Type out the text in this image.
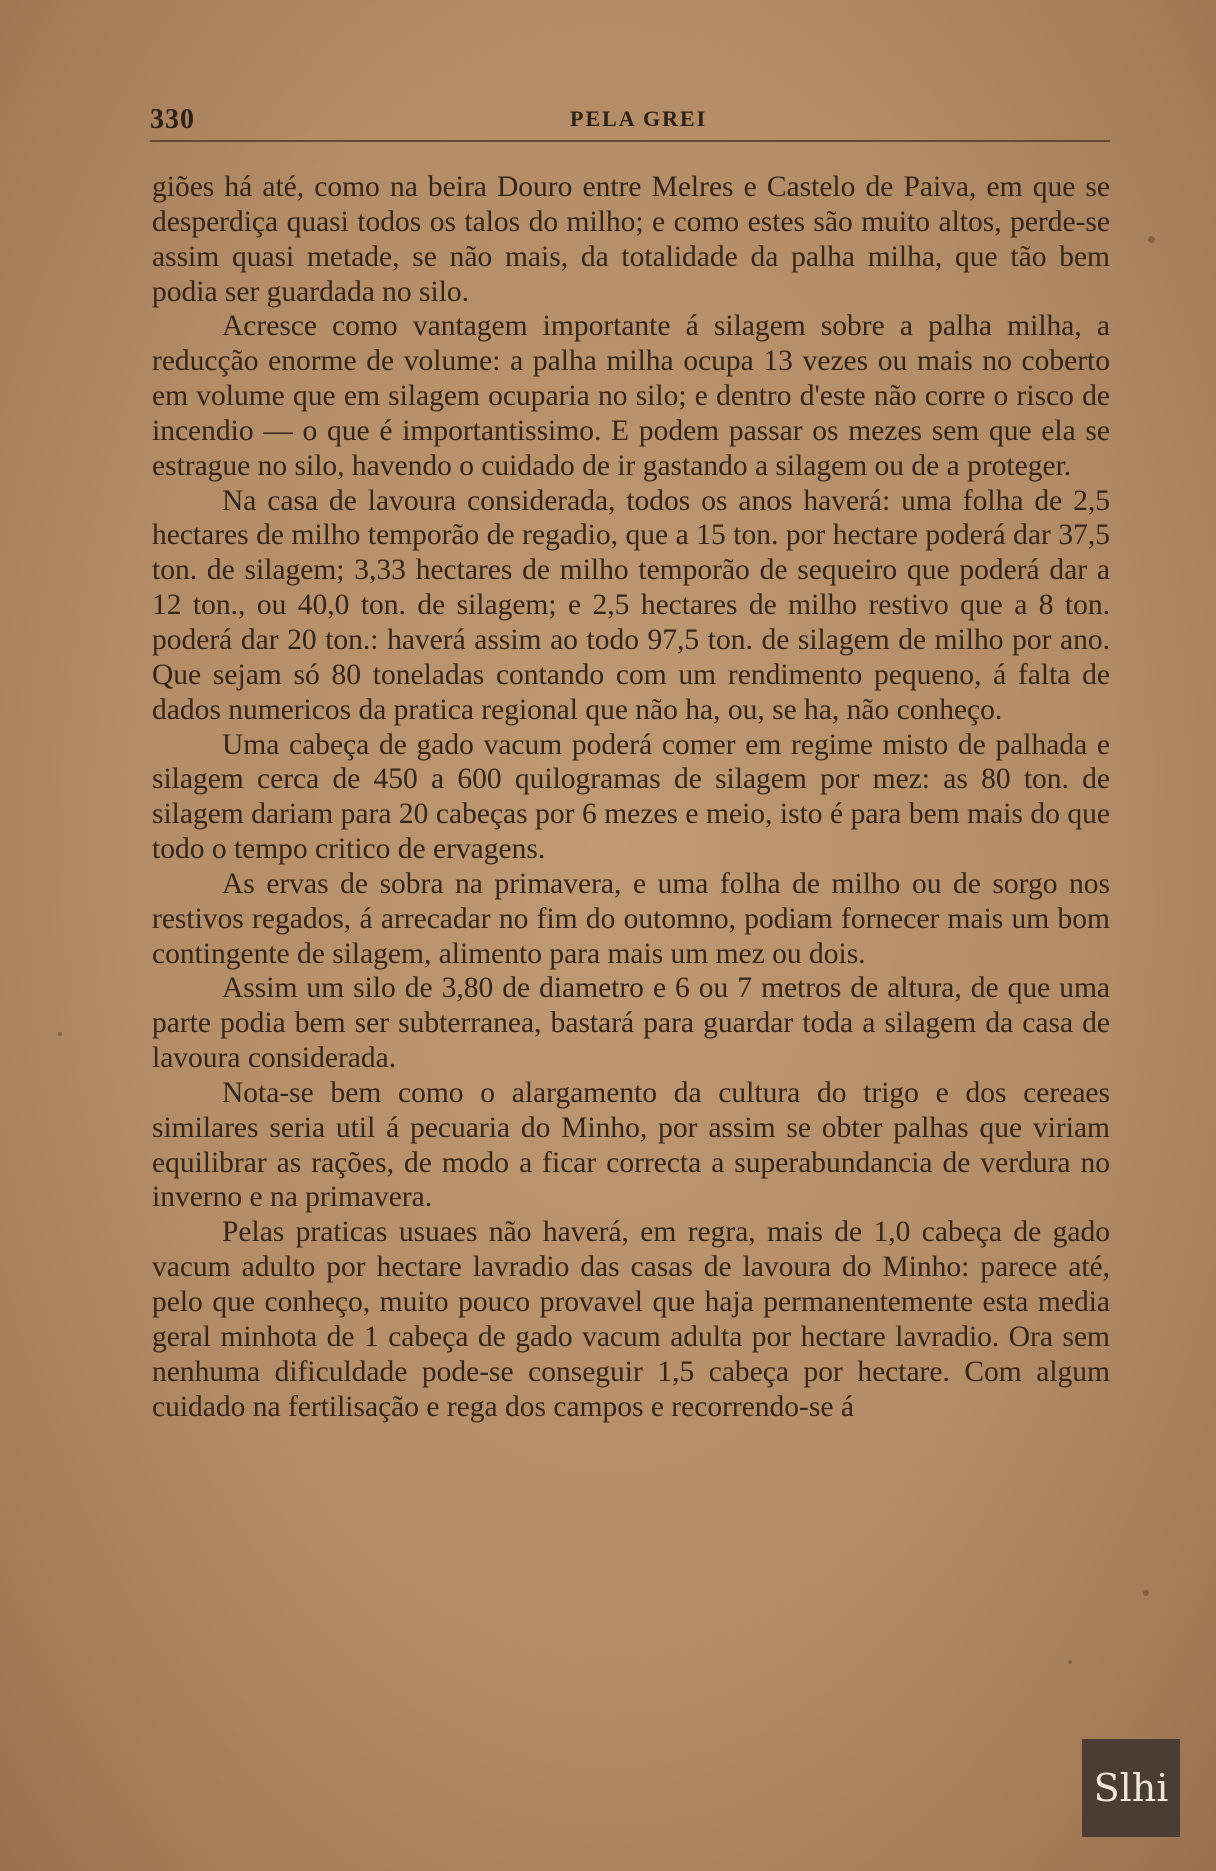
330	PELA GREI

giões há até, como na beira Douro entre Melres e Castelo de Paiva, em que se desperdiça quasi todos os talos do milho; e como estes são muito altos, perde-se assim quasi metade, se não mais, da totalidade da palha milha, que tão bem podia ser guardada no silo.

Acresce como vantagem importante á silagem sobre a palha milha, a reducção enorme de volume: a palha milha ocupa 13 vezes ou mais no coberto em volume que em silagem ocuparia no silo; e dentro d'este não corre o risco de incendio — o que é importantissimo. E podem passar os mezes sem que ela se estrague no silo, havendo o cuidado de ir gastando a silagem ou de a proteger.

Na casa de lavoura considerada, todos os anos haverá: uma folha de 2,5 hectares de milho temporão de regadio, que a 15 ton. por hectare poderá dar 37,5 ton. de silagem; 3,33 hectares de milho temporão de sequeiro que poderá dar a 12 ton., ou 40,0 ton. de silagem; e 2,5 hectares de milho restivo que a 8 ton. poderá dar 20 ton.: haverá assim ao todo 97,5 ton. de silagem de milho por ano. Que sejam só 80 toneladas contando com um rendimento pequeno, á falta de dados numericos da pratica regional que não ha, ou, se ha, não conheço.

Uma cabeça de gado vacum poderá comer em regime misto de palhada e silagem cerca de 450 a 600 quilogramas de silagem por mez: as 80 ton. de silagem dariam para 20 cabeças por 6 mezes e meio, isto é para bem mais do que todo o tempo critico de ervagens.

As ervas de sobra na primavera, e uma folha de milho ou de sorgo nos restivos regados, á arrecadar no fim do outomno, podiam fornecer mais um bom contingente de silagem, alimento para mais um mez ou dois.

Assim um silo de 3,80 de diametro e 6 ou 7 metros de altura, de que uma parte podia bem ser subterranea, bastará para guardar toda a silagem da casa de lavoura considerada.

Nota-se bem como o alargamento da cultura do trigo e dos cereaes similares seria util á pecuaria do Minho, por assim se obter palhas que viriam equilibrar as rações, de modo a ficar correcta a superabundancia de verdura no inverno e na primavera.

Pelas praticas usuaes não haverá, em regra, mais de 1,0 cabeça de gado vacum adulto por hectare lavradio das casas de lavoura do Minho: parece até, pelo que conheço, muito pouco provavel que haja permanentemente esta media geral minhota de 1 cabeça de gado vacum adulta por hectare lavradio. Ora sem nenhuma dificuldade pode-se conseguir 1,5 cabeça por hectare. Com algum cuidado na fertilisação e rega dos campos e recorrendo-se á

Slhi
